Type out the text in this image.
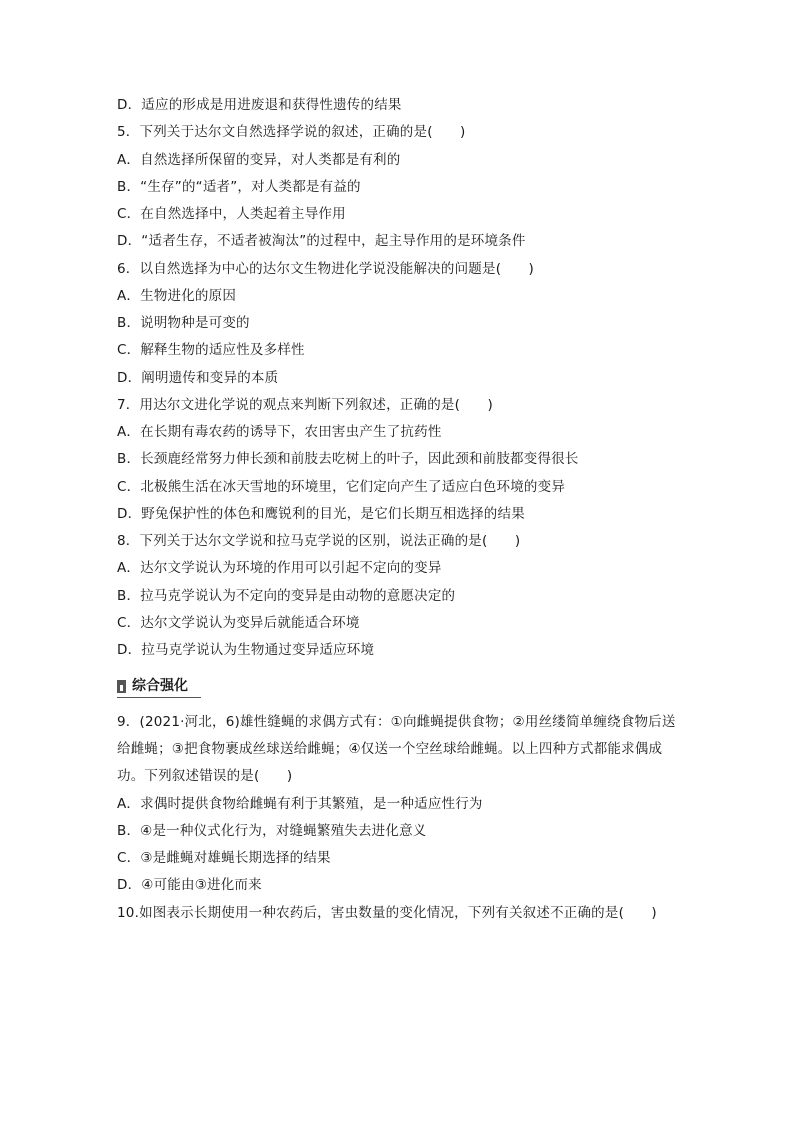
D．适应的形成是用进废退和获得性遗传的结果
5．下列关于达尔文自然选择学说的叙述，正确的是(　　)
A．自然选择所保留的变异，对人类都是有利的
B．“生存”的“适者”，对人类都是有益的
C．在自然选择中，人类起着主导作用
D．“适者生存，不适者被淘汰”的过程中，起主导作用的是环境条件
6．以自然选择为中心的达尔文生物进化学说没能解决的问题是(　　)
A．生物进化的原因
B．说明物种是可变的
C．解释生物的适应性及多样性
D．阐明遗传和变异的本质
7．用达尔文进化学说的观点来判断下列叙述，正确的是(　　)
A．在长期有毒农药的诱导下，农田害虫产生了抗药性
B．长颈鹿经常努力伸长颈和前肢去吃树上的叶子，因此颈和前肢都变得很长
C．北极熊生活在冰天雪地的环境里，它们定向产生了适应白色环境的变异
D．野兔保护性的体色和鹰锐利的目光，是它们长期互相选择的结果
8．下列关于达尔文学说和拉马克学说的区别，说法正确的是(　　)
A．达尔文学说认为环境的作用可以引起不定向的变异
B．拉马克学说认为不定向的变异是由动物的意愿决定的
C．达尔文学说认为变异后就能适合环境
D．拉马克学说认为生物通过变异适应环境
综合强化
9．(2021·河北，6)雄性缝蝇的求偶方式有：①向雌蝇提供食物；②用丝缕简单缠绕食物后送
给雌蝇；③把食物裹成丝球送给雌蝇；④仅送一个空丝球给雌蝇。以上四种方式都能求偶成
功。下列叙述错误的是(　　)
A．求偶时提供食物给雌蝇有利于其繁殖，是一种适应性行为
B．④是一种仪式化行为，对缝蝇繁殖失去进化意义
C．③是雌蝇对雄蝇长期选择的结果
D．④可能由③进化而来
10.如图表示长期使用一种农药后，害虫数量的变化情况，下列有关叙述不正确的是(　　)
